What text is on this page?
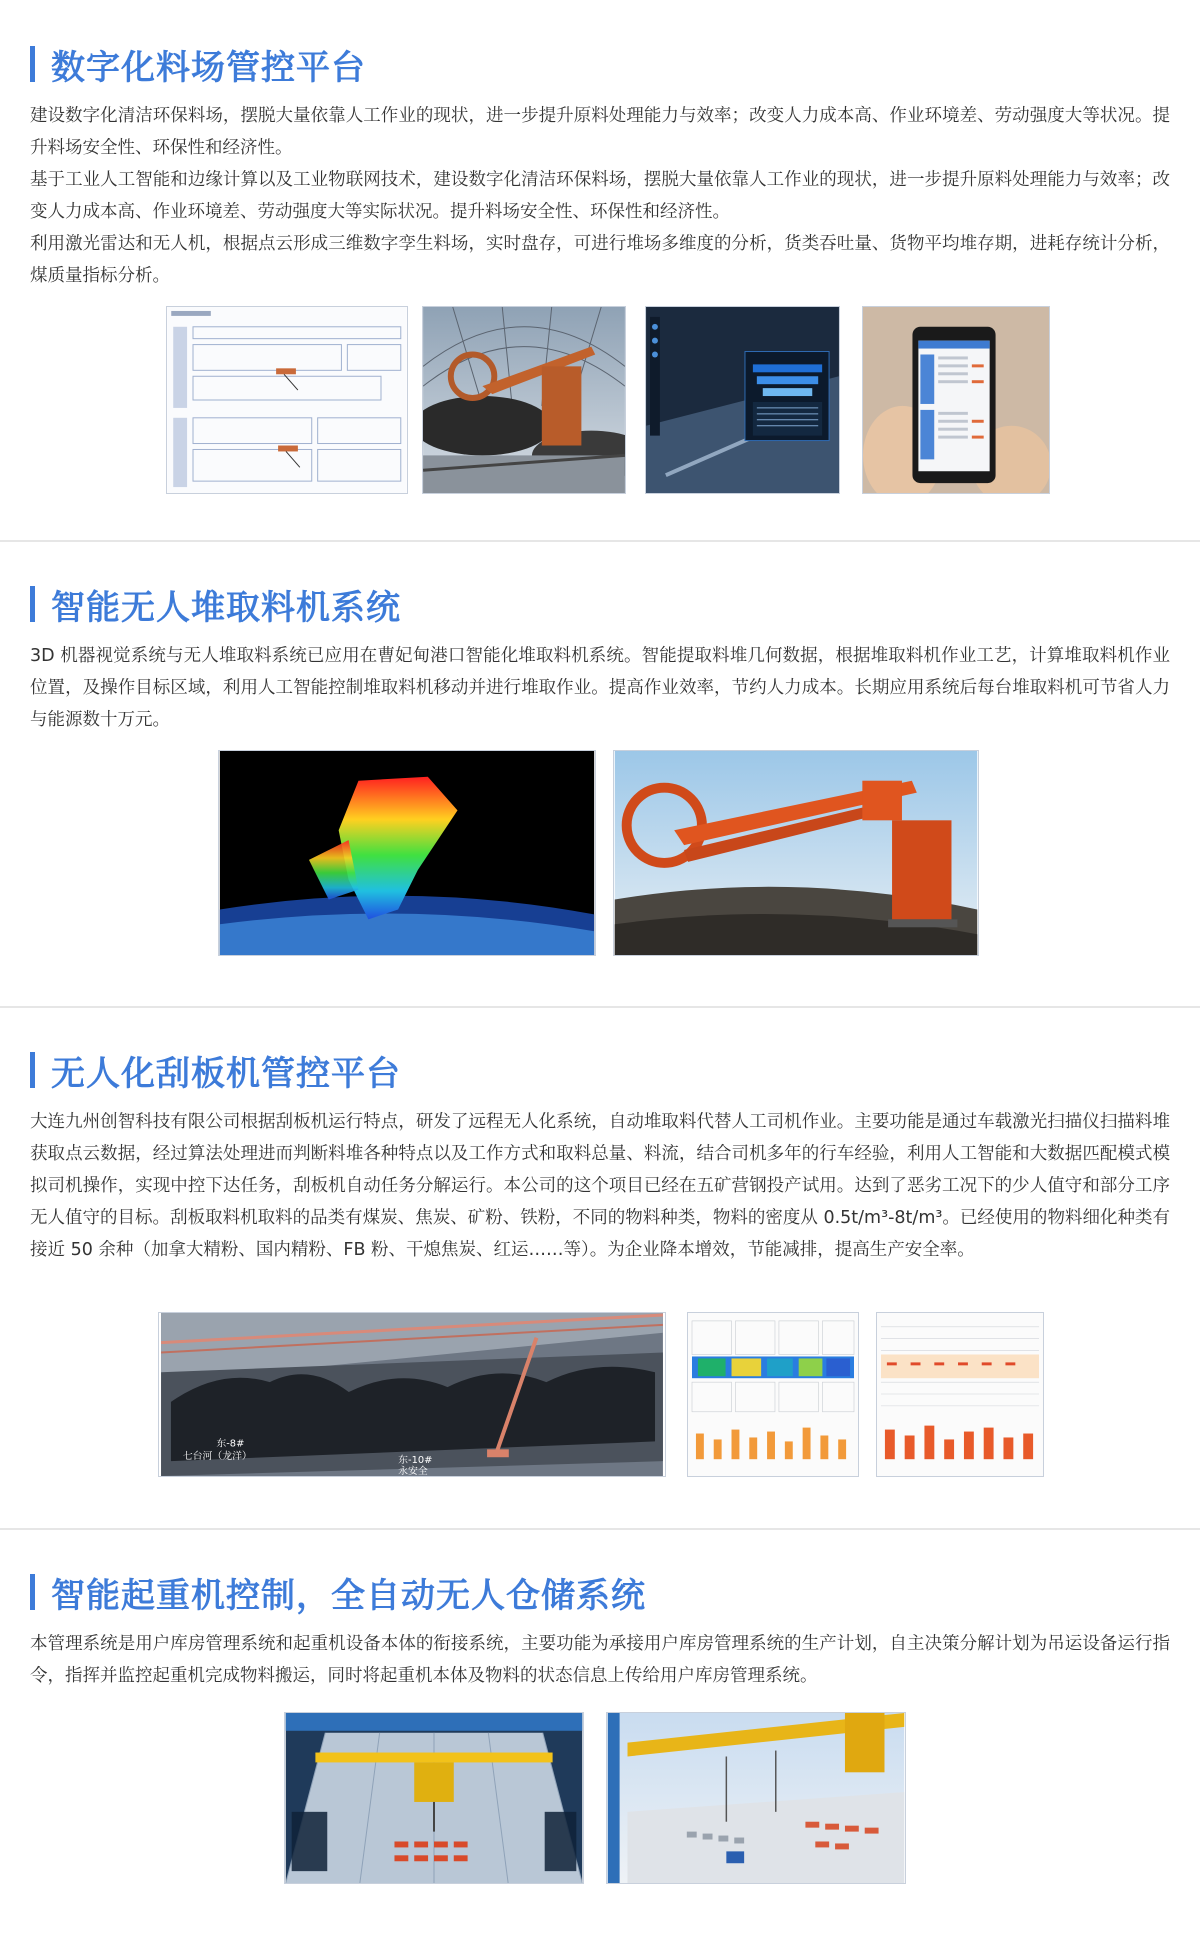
数字化料场管控平台

建设数字化清洁环保料场，摆脱大量依靠人工作业的现状，进一步提升原料处理能力与效率；改变人力成本高、作业环境差、劳动强度大等状况。提升料场安全性、环保性和经济性。

基于工业人工智能和边缘计算以及工业物联网技术，建设数字化清洁环保料场，摆脱大量依靠人工作业的现状，进一步提升原料处理能力与效率；改变人力成本高、作业环境差、劳动强度大等实际状况。提升料场安全性、环保性和经济性。

利用激光雷达和无人机，根据点云形成三维数字孪生料场，实时盘存，可进行堆场多维度的分析，货类吞吐量、货物平均堆存期，进耗存统计分析，煤质量指标分析。

智能无人堆取料机系统

3D 机器视觉系统与无人堆取料系统已应用在曹妃甸港口智能化堆取料机系统。智能提取料堆几何数据，根据堆取料机作业工艺，计算堆取料机作业位置，及操作目标区域，利用人工智能控制堆取料机移动并进行堆取作业。提高作业效率，节约人力成本。长期应用系统后每台堆取料机可节省人力与能源数十万元。

无人化刮板机管控平台

大连九州创智科技有限公司根据刮板机运行特点，研发了远程无人化系统，自动堆取料代替人工司机作业。主要功能是通过车载激光扫描仪扫描料堆获取点云数据，经过算法处理进而判断料堆各种特点以及工作方式和取料总量、料流，结合司机多年的行车经验，利用人工智能和大数据匹配模式模拟司机操作，实现中控下达任务，刮板机自动任务分解运行。本公司的这个项目已经在五矿营钢投产试用。达到了恶劣工况下的少人值守和部分工序无人值守的目标。刮板取料机取料的品类有煤炭、焦炭、矿粉、铁粉，不同的物料种类，物料的密度从 0.5t/m³-8t/m³。已经使用的物料细化种类有接近 50 余种（加拿大精粉、国内精粉、FB 粉、干熄焦炭、红运……等）。为企业降本增效，节能减排，提高生产安全率。

东-8#
七台河（龙洋）	东-10#
永安全
智能起重机控制，全自动无人仓储系统

本管理系统是用户库房管理系统和起重机设备本体的衔接系统，主要功能为承接用户库房管理系统的生产计划，自主决策分解计划为吊运设备运行指令，指挥并监控起重机完成物料搬运，同时将起重机本体及物料的状态信息上传给用户库房管理系统。
